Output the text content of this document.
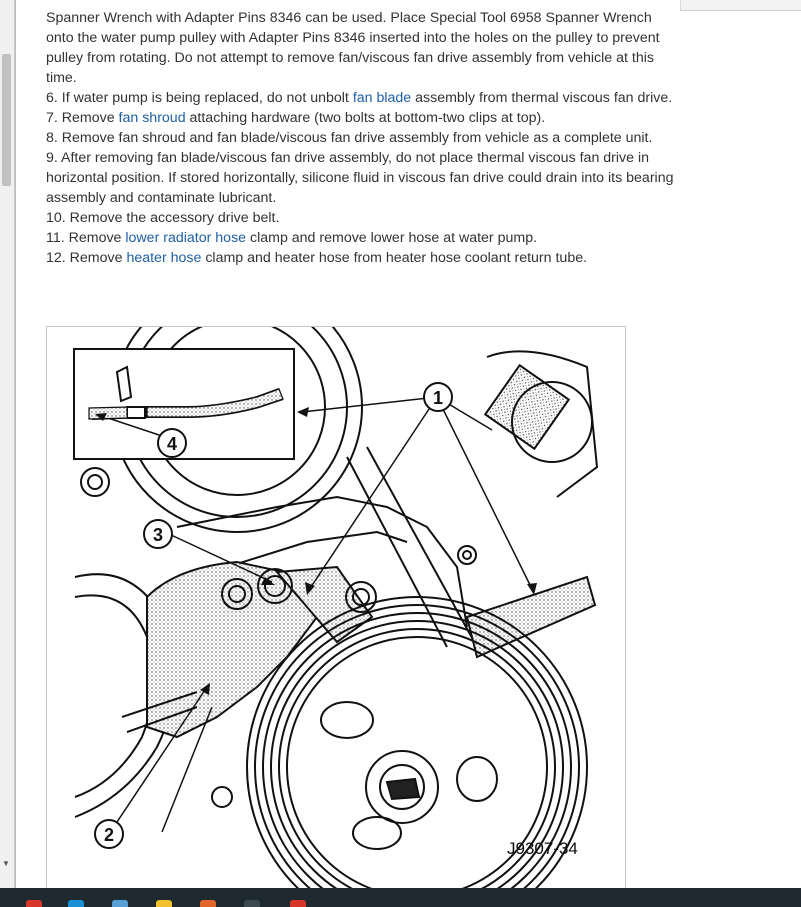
▼

Spanner Wrench with Adapter Pins 8346 can be used. Place Special Tool 6958 Spanner Wrench onto the water pump pulley with Adapter Pins 8346 inserted into the holes on the pulley to prevent pulley from rotating. Do not attempt to remove fan/viscous fan drive assembly from vehicle at this time.

6. If water pump is being replaced, do not unbolt fan blade assembly from thermal viscous fan drive.

7. Remove fan shroud attaching hardware (two bolts at bottom-two clips at top).

8. Remove fan shroud and fan blade/viscous fan drive assembly from vehicle as a complete unit.

9. After removing fan blade/viscous fan drive assembly, do not place thermal viscous fan drive in horizontal position. If stored horizontally, silicone fluid in viscous fan drive could drain into its bearing assembly and contaminate lubricant.

10. Remove the accessory drive belt.

11. Remove lower radiator hose clamp and remove lower hose at water pump.

12. Remove heater hose clamp and heater hose from heater hose coolant return tube.

1
4
3
2
J9307-34
